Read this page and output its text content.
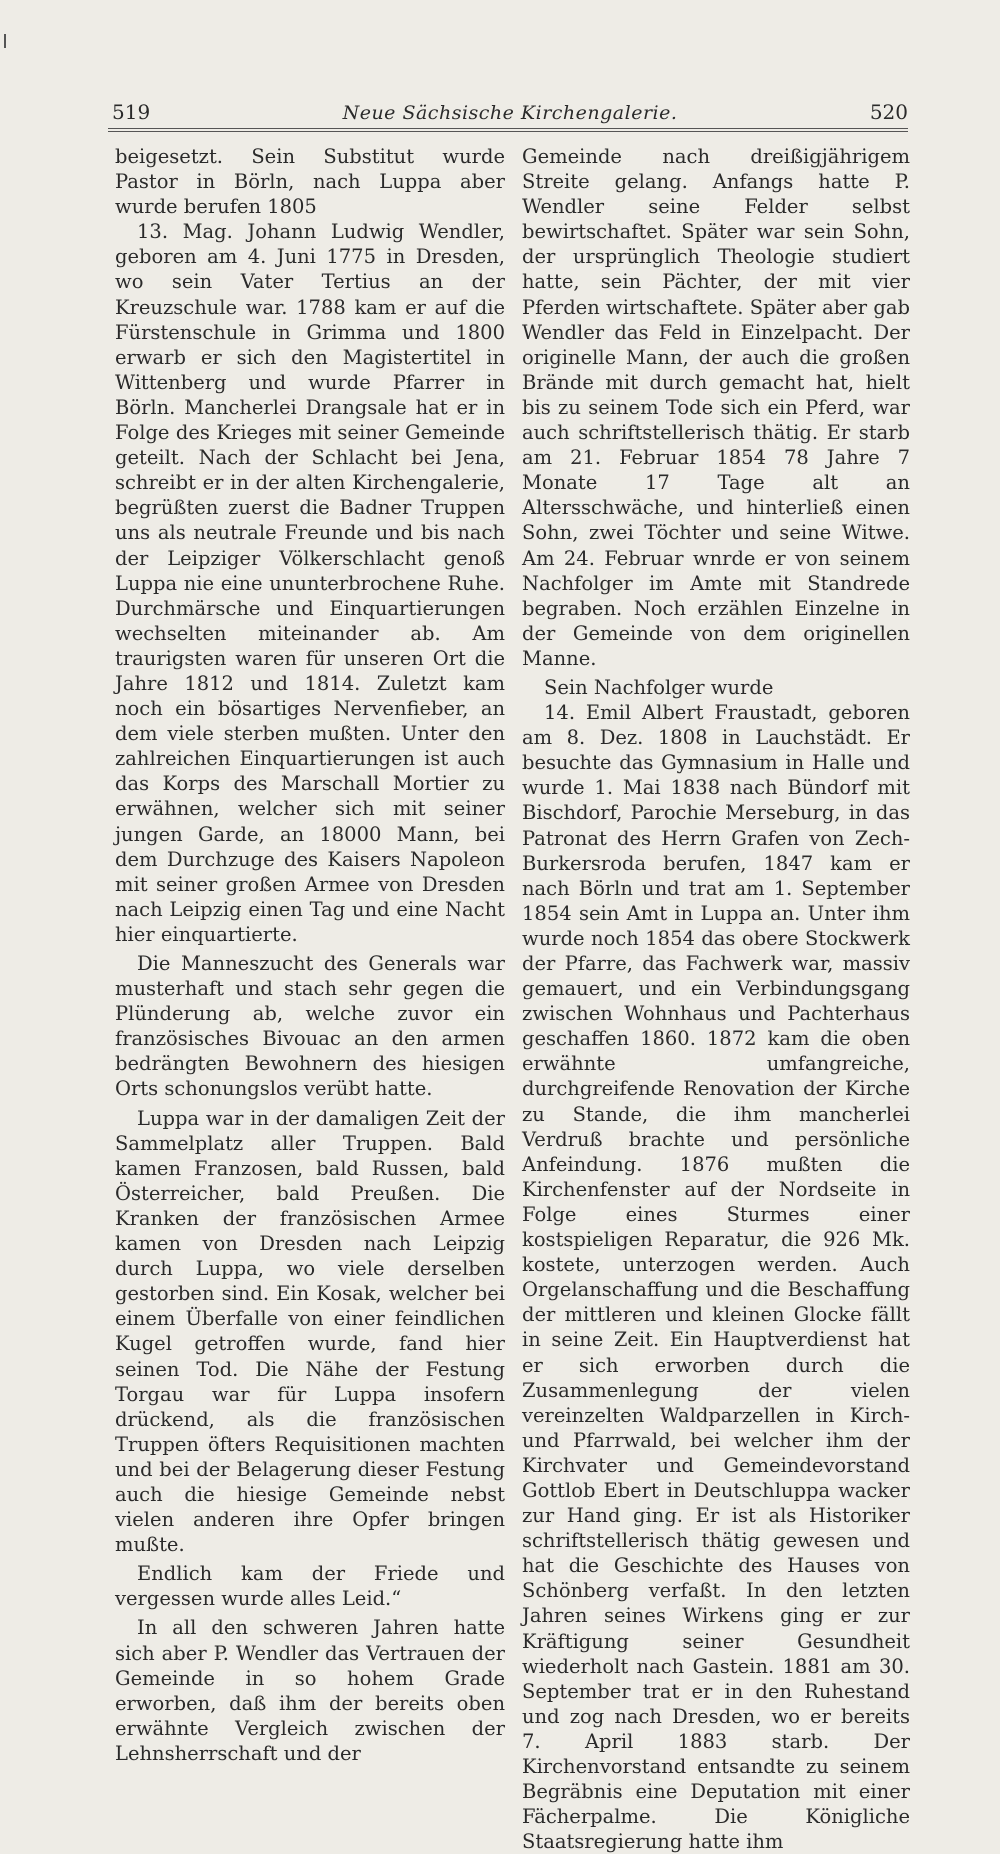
519	Neue Sächsische Kirchengalerie.	520

beigesetzt. Sein Substitut wurde Pastor in Börln, nach Luppa aber wurde berufen 1805

13. Mag. Johann Ludwig Wendler, geboren am 4. Juni 1775 in Dresden, wo sein Vater Tertius an der Kreuzschule war. 1788 kam er auf die Fürstenschule in Grimma und 1800 erwarb er sich den Magistertitel in Wittenberg und wurde Pfarrer in Börln. Mancherlei Drangsale hat er in Folge des Krieges mit seiner Gemeinde geteilt. Nach der Schlacht bei Jena, schreibt er in der alten Kirchengalerie, begrüßten zuerst die Badner Truppen uns als neutrale Freunde und bis nach der Leipziger Völkerschlacht genoß Luppa nie eine ununterbrochene Ruhe. Durchmärsche und Einquartierungen wechselten miteinander ab. Am traurigsten waren für unseren Ort die Jahre 1812 und 1814. Zuletzt kam noch ein bösartiges Nervenfieber, an dem viele sterben mußten. Unter den zahlreichen Einquartierungen ist auch das Korps des Marschall Mortier zu erwähnen, welcher sich mit seiner jungen Garde, an 18000 Mann, bei dem Durchzuge des Kaisers Napoleon mit seiner großen Armee von Dresden nach Leipzig einen Tag und eine Nacht hier einquartierte.

Die Manneszucht des Generals war musterhaft und stach sehr gegen die Plünderung ab, welche zuvor ein französisches Bivouac an den armen bedrängten Bewohnern des hiesigen Orts schonungslos verübt hatte.

Luppa war in der damaligen Zeit der Sammelplatz aller Truppen. Bald kamen Franzosen, bald Russen, bald Österreicher, bald Preußen. Die Kranken der französischen Armee kamen von Dresden nach Leipzig durch Luppa, wo viele derselben gestorben sind. Ein Kosak, welcher bei einem Überfalle von einer feindlichen Kugel getroffen wurde, fand hier seinen Tod. Die Nähe der Festung Torgau war für Luppa insofern drückend, als die französischen Truppen öfters Requisitionen machten und bei der Belagerung dieser Festung auch die hiesige Gemeinde nebst vielen anderen ihre Opfer bringen mußte.

Endlich kam der Friede und vergessen wurde alles Leid.“

In all den schweren Jahren hatte sich aber P. Wendler das Vertrauen der Gemeinde in so hohem Grade erworben, daß ihm der bereits oben erwähnte Vergleich zwischen der Lehnsherrschaft und der

Gemeinde nach dreißigjährigem Streite gelang. Anfangs hatte P. Wendler seine Felder selbst bewirtschaftet. Später war sein Sohn, der ursprünglich Theologie studiert hatte, sein Pächter, der mit vier Pferden wirtschaftete. Später aber gab Wendler das Feld in Einzelpacht. Der originelle Mann, der auch die großen Brände mit durch gemacht hat, hielt bis zu seinem Tode sich ein Pferd, war auch schriftstellerisch thätig. Er starb am 21. Februar 1854 78 Jahre 7 Monate 17 Tage alt an Altersschwäche, und hinterließ einen Sohn, zwei Töchter und seine Witwe. Am 24. Februar wnrde er von seinem Nachfolger im Amte mit Standrede begraben. Noch erzählen Einzelne in der Gemeinde von dem originellen Manne.

Sein Nachfolger wurde

14. Emil Albert Fraustadt, geboren am 8. Dez. 1808 in Lauchstädt. Er besuchte das Gymnasium in Halle und wurde 1. Mai 1838 nach Bündorf mit Bischdorf, Parochie Merseburg, in das Patronat des Herrn Grafen von Zech-Burkersroda berufen, 1847 kam er nach Börln und trat am 1. September 1854 sein Amt in Luppa an. Unter ihm wurde noch 1854 das obere Stockwerk der Pfarre, das Fachwerk war, massiv gemauert, und ein Verbindungsgang zwischen Wohnhaus und Pachterhaus geschaffen 1860. 1872 kam die oben erwähnte umfangreiche, durchgreifende Renovation der Kirche zu Stande, die ihm mancherlei Verdruß brachte und persönliche Anfeindung. 1876 mußten die Kirchenfenster auf der Nordseite in Folge eines Sturmes einer kostspieligen Reparatur, die 926 Mk. kostete, unterzogen werden. Auch Orgelanschaffung und die Beschaffung der mittleren und kleinen Glocke fällt in seine Zeit. Ein Hauptverdienst hat er sich erworben durch die Zusammenlegung der vielen vereinzelten Waldparzellen in Kirch- und Pfarrwald, bei welcher ihm der Kirchvater und Gemeindevorstand Gottlob Ebert in Deutschluppa wacker zur Hand ging. Er ist als Historiker schriftstellerisch thätig gewesen und hat die Geschichte des Hauses von Schönberg verfaßt. In den letzten Jahren seines Wirkens ging er zur Kräftigung seiner Gesundheit wiederholt nach Gastein. 1881 am 30. September trat er in den Ruhestand und zog nach Dresden, wo er bereits 7. April 1883 starb. Der Kirchenvorstand entsandte zu seinem Begräbnis eine Deputation mit einer Fächerpalme. Die Königliche Staatsregierung hatte ihm
